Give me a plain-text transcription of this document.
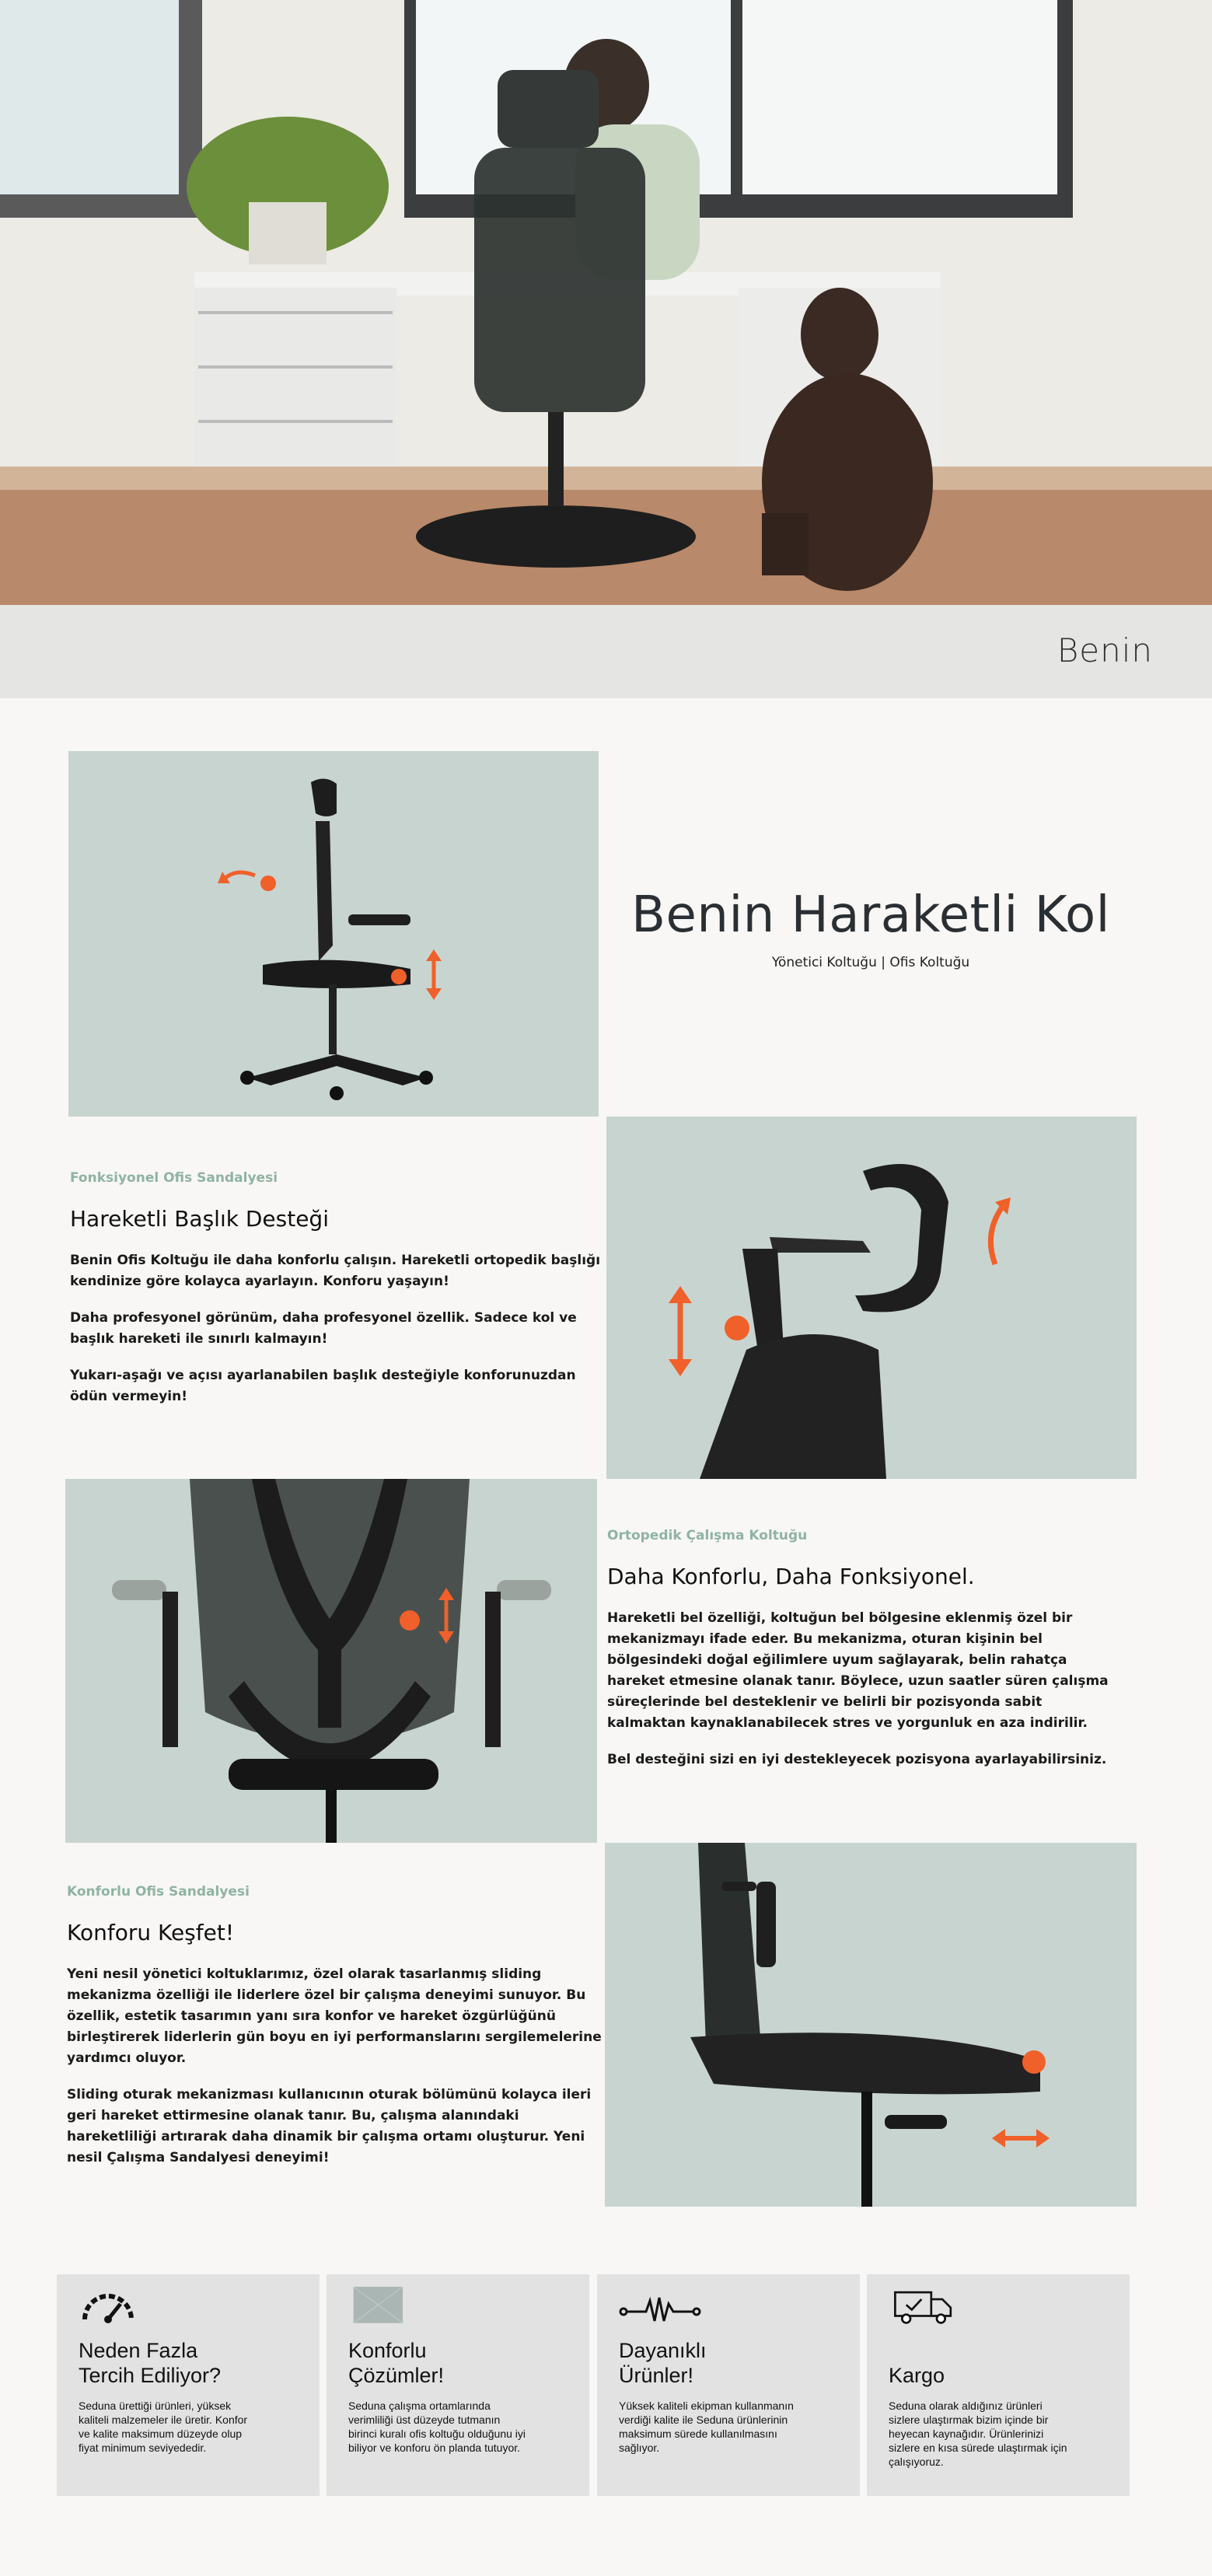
Benin
Benin Haraketli Kol
Yönetici Koltuğu | Ofis Koltuğu
Fonksiyonel Ofis Sandalyesi
Hareketli Başlık Desteği

Benin Ofis Koltuğu ile daha konforlu çalışın. Hareketli ortopedik başlığı kendinize göre kolayca ayarlayın. Konforu yaşayın!

Daha profesyonel görünüm, daha profesyonel özellik. Sadece kol ve başlık hareketi ile sınırlı kalmayın!

Yukarı-aşağı ve açısı ayarlanabilen başlık desteğiyle konforunuzdan ödün vermeyin!

Ortopedik Çalışma Koltuğu
Daha Konforlu, Daha Fonksiyonel.

Hareketli bel özelliği, koltuğun bel bölgesine eklenmiş özel bir mekanizmayı ifade eder. Bu mekanizma, oturan kişinin bel bölgesindeki doğal eğilimlere uyum sağlayarak, belin rahatça hareket etmesine olanak tanır. Böylece, uzun saatler süren çalışma süreçlerinde bel desteklenir ve belirli bir pozisyonda sabit kalmaktan kaynaklanabilecek stres ve yorgunluk en aza indirilir.

Bel desteğini sizi en iyi destekleyecek pozisyona ayarlayabilirsiniz.

Konforlu Ofis Sandalyesi
Konforu Keşfet!

Yeni nesil yönetici koltuklarımız, özel olarak tasarlanmış sliding mekanizma özelliği ile liderlere özel bir çalışma deneyimi sunuyor. Bu özellik, estetik tasarımın yanı sıra konfor ve hareket özgürlüğünü birleştirerek liderlerin gün boyu en iyi performanslarını sergilemelerine yardımcı oluyor.

Sliding oturak mekanizması kullanıcının oturak bölümünü kolayca ileri geri hareket ettirmesine olanak tanır. Bu, çalışma alanındaki hareketliliği artırarak daha dinamik bir çalışma ortamı oluşturur. Yeni nesil Çalışma Sandalyesi deneyimi!

Neden Fazla
Tercih Ediliyor?
Seduna ürettiği ürünleri, yüksek kaliteli malzemeler ile üretir. Konfor ve kalite maksimum düzeyde olup fiyat minimum seviyededir.
Konforlu
Çözümler!
Seduna çalışma ortamlarında verimliliği üst düzeyde tutmanın birinci kuralı ofis koltuğu olduğunu iyi biliyor ve konforu ön planda tutuyor.
Dayanıklı
Ürünler!
Yüksek kaliteli ekipman kullanmanın verdiği kalite ile Seduna ürünlerinin maksimum sürede kullanılmasını sağlıyor.
Kargo
Seduna olarak aldığınız ürünleri sizlere ulaştırmak bizim içinde bir heyecan kaynağıdır. Ürünlerinizi sizlere en kısa sürede ulaştırmak için çalışıyoruz.
